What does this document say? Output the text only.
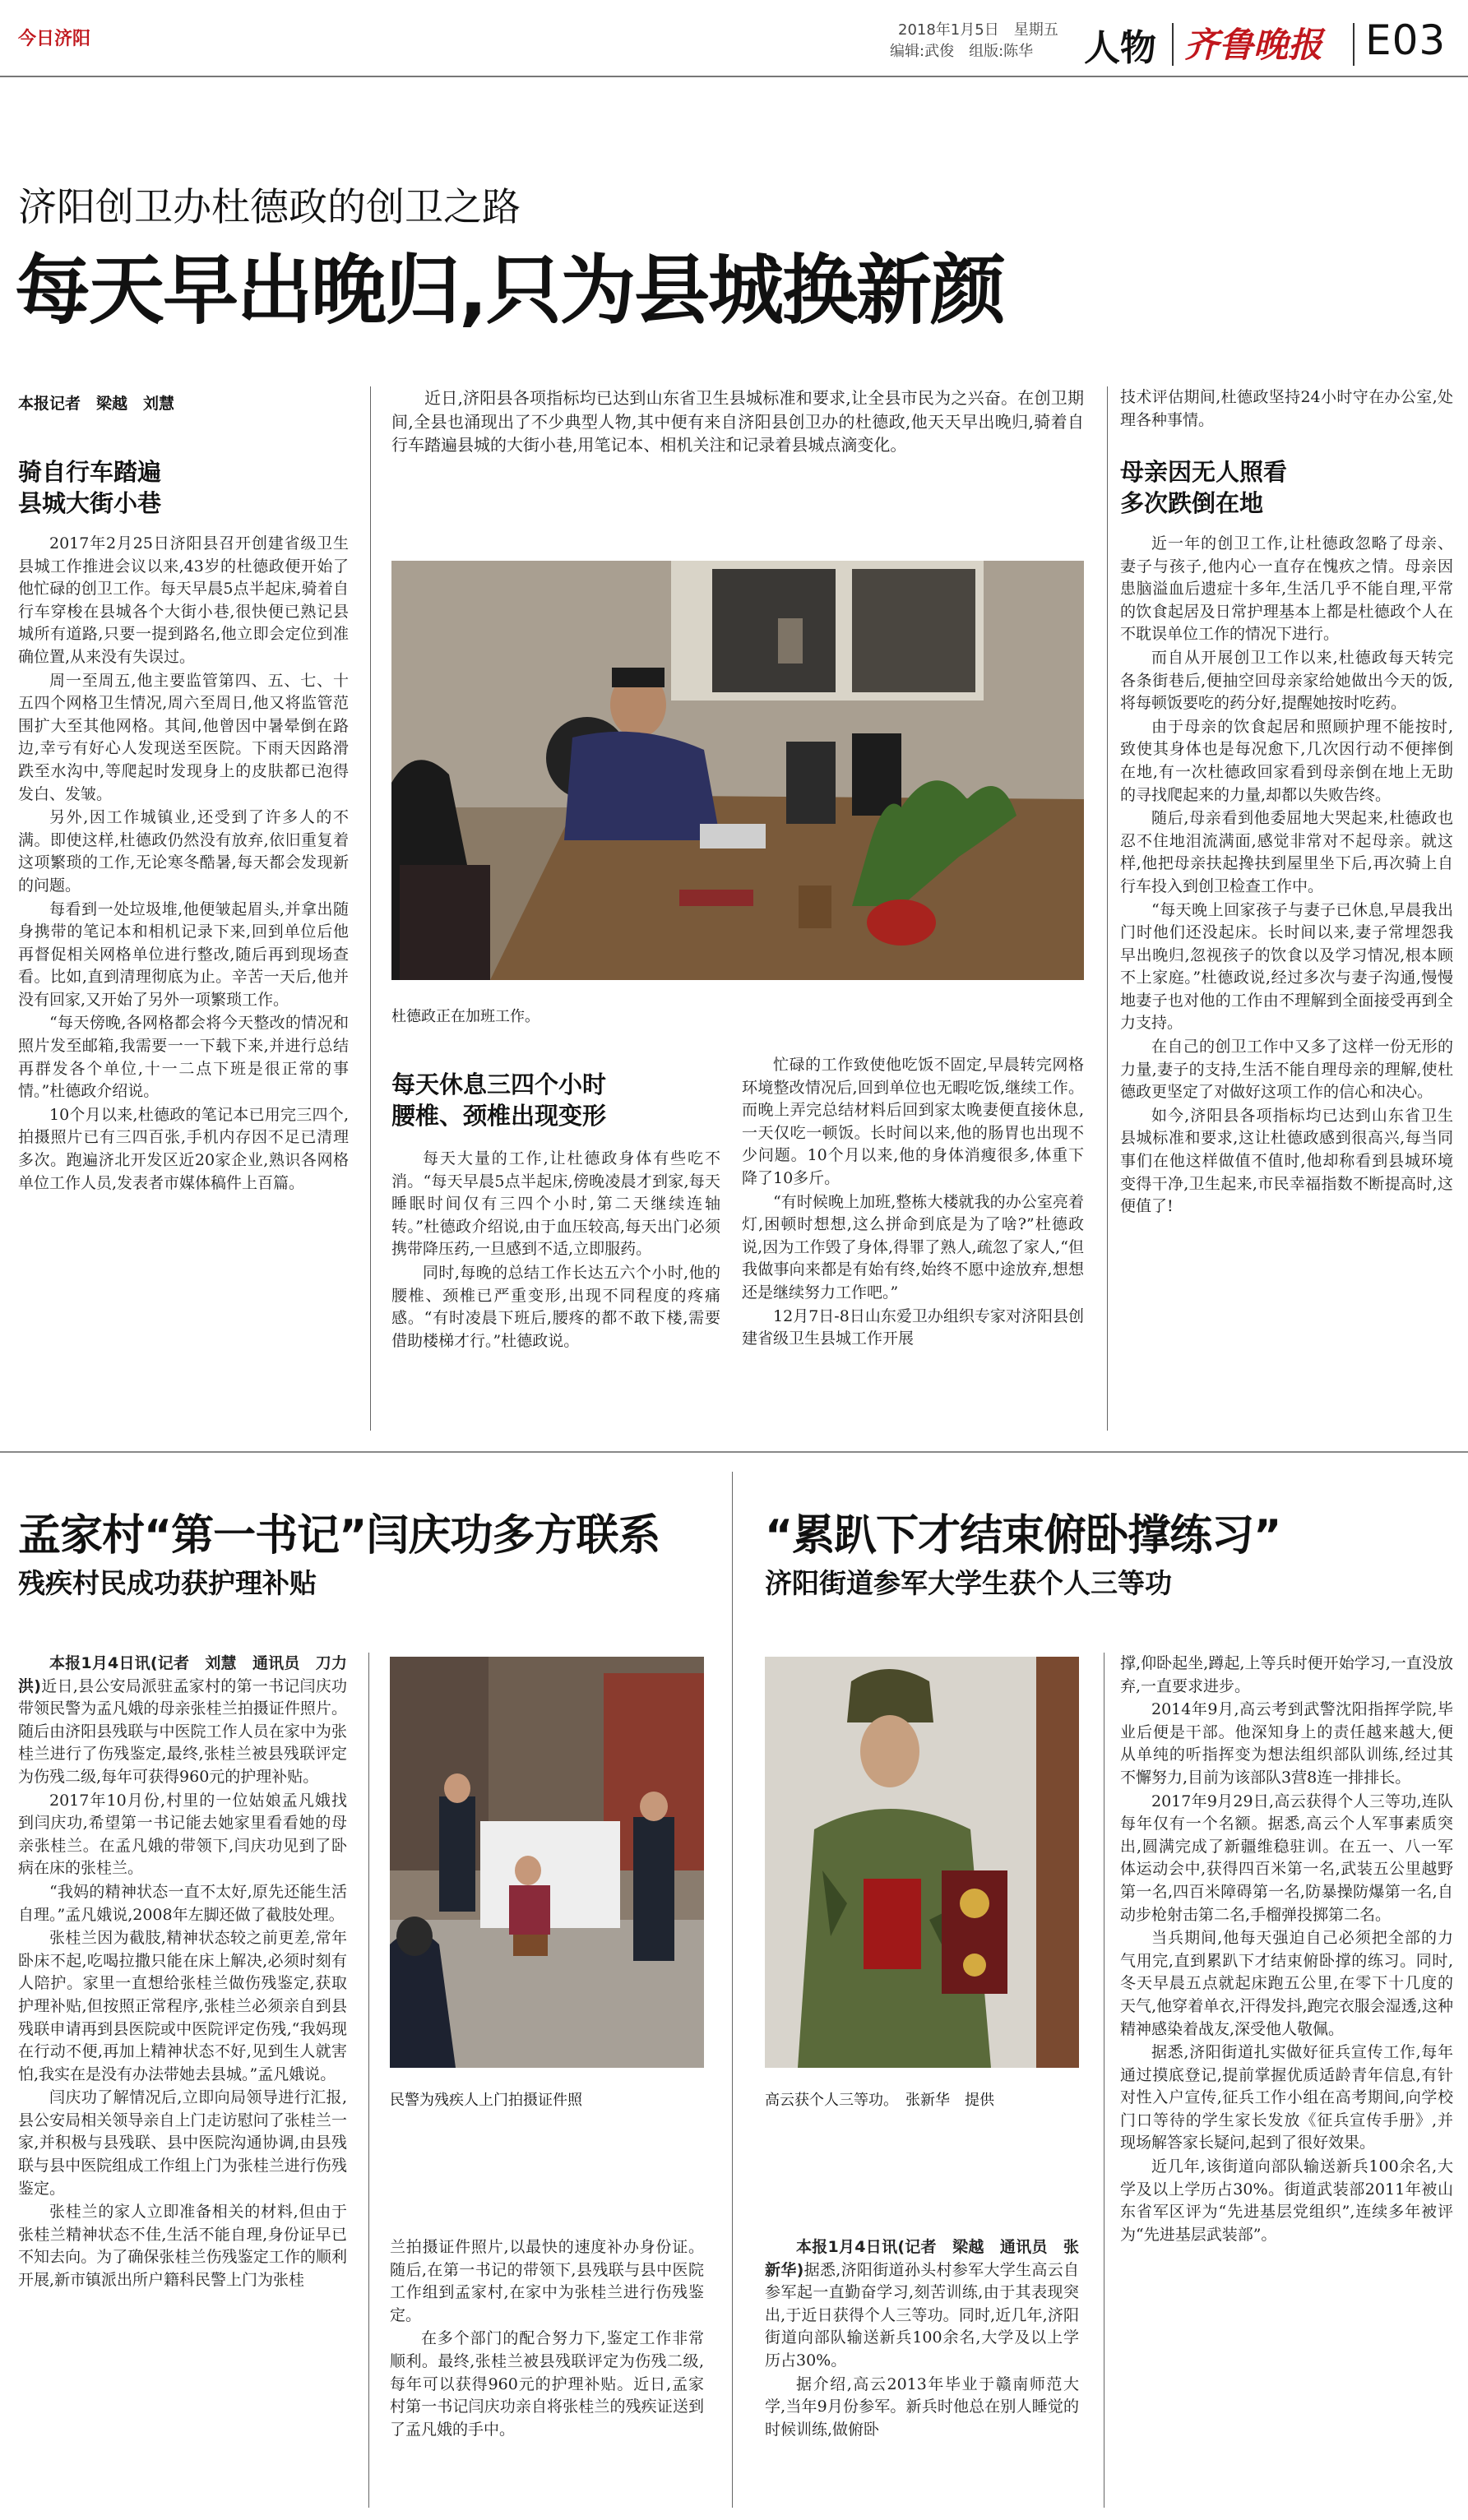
今日济阳	2018年1月5日　星期五
编辑:武俊　组版:陈华 人物 齐鲁晚报 E03
济阳创卫办杜德政的创卫之路
每天早出晚归,只为县城换新颜
本报记者　梁越　刘慧
骑自行车踏遍
县城大街小巷

2017年2月25日济阳县召开创建省级卫生县城工作推进会议以来,43岁的杜德政便开始了他忙碌的创卫工作。每天早晨5点半起床,骑着自行车穿梭在县城各个大街小巷,很快便已熟记县城所有道路,只要一提到路名,他立即会定位到准确位置,从来没有失误过。

周一至周五,他主要监管第四、五、七、十五四个网格卫生情况,周六至周日,他又将监管范围扩大至其他网格。其间,他曾因中暑晕倒在路边,幸亏有好心人发现送至医院。下雨天因路滑跌至水沟中,等爬起时发现身上的皮肤都已泡得发白、发皱。

另外,因工作城镇业,还受到了许多人的不满。即使这样,杜德政仍然没有放弃,依旧重复着这项繁琐的工作,无论寒冬酷暑,每天都会发现新的问题。

每看到一处垃圾堆,他便皱起眉头,并拿出随身携带的笔记本和相机记录下来,回到单位后他再督促相关网格单位进行整改,随后再到现场查看。比如,直到清理彻底为止。辛苦一天后,他并没有回家,又开始了另外一项繁琐工作。

“每天傍晚,各网格都会将今天整改的情况和照片发至邮箱,我需要一一下载下来,并进行总结再群发各个单位,十一二点下班是很正常的事情。”杜德政介绍说。

10个月以来,杜德政的笔记本已用完三四个,拍摄照片已有三四百张,手机内存因不足已清理多次。跑遍济北开发区近20家企业,熟识各网格单位工作人员,发表者市媒体稿件上百篇。

近日,济阳县各项指标均已达到山东省卫生县城标准和要求,让全县市民为之兴奋。在创卫期间,全县也涌现出了不少典型人物,其中便有来自济阳县创卫办的杜德政,他天天早出晚归,骑着自行车踏遍县城的大街小巷,用笔记本、相机关注和记录着县城点滴变化。

杜德政正在加班工作。
每天休息三四个小时
腰椎、颈椎出现变形

每天大量的工作,让杜德政身体有些吃不消。“每天早晨5点半起床,傍晚凌晨才到家,每天睡眠时间仅有三四个小时,第二天继续连轴转。”杜德政介绍说,由于血压较高,每天出门必须携带降压药,一旦感到不适,立即服药。

同时,每晚的总结工作长达五六个小时,他的腰椎、颈椎已严重变形,出现不同程度的疼痛感。“有时凌晨下班后,腰疼的都不敢下楼,需要借助楼梯才行。”杜德政说。

忙碌的工作致使他吃饭不固定,早晨转完网格环境整改情况后,回到单位也无暇吃饭,继续工作。而晚上弄完总结材料后回到家太晚妻便直接休息,一天仅吃一顿饭。长时间以来,他的肠胃也出现不少问题。10个月以来,他的身体消瘦很多,体重下降了10多斤。

“有时候晚上加班,整栋大楼就我的办公室亮着灯,困顿时想想,这么拼命到底是为了啥?”杜德政说,因为工作毁了身体,得罪了熟人,疏忽了家人,“但我做事向来都是有始有终,始终不愿中途放弃,想想还是继续努力工作吧。”

12月7日-8日山东爱卫办组织专家对济阳县创建省级卫生县城工作开展

技术评估期间,杜德政坚持24小时守在办公室,处理各种事情。

母亲因无人照看
多次跌倒在地

近一年的创卫工作,让杜德政忽略了母亲、妻子与孩子,他内心一直存在愧疚之情。母亲因患脑溢血后遗症十多年,生活几乎不能自理,平常的饮食起居及日常护理基本上都是杜德政个人在不耽误单位工作的情况下进行。

而自从开展创卫工作以来,杜德政每天转完各条街巷后,便抽空回母亲家给她做出今天的饭,将每顿饭要吃的药分好,提醒她按时吃药。

由于母亲的饮食起居和照顾护理不能按时,致使其身体也是每况愈下,几次因行动不便摔倒在地,有一次杜德政回家看到母亲倒在地上无助的寻找爬起来的力量,却都以失败告终。

随后,母亲看到他委屈地大哭起来,杜德政也忍不住地泪流满面,感觉非常对不起母亲。就这样,他把母亲扶起搀扶到屋里坐下后,再次骑上自行车投入到创卫检查工作中。

“每天晚上回家孩子与妻子已休息,早晨我出门时他们还没起床。长时间以来,妻子常埋怨我早出晚归,忽视孩子的饮食以及学习情况,根本顾不上家庭。”杜德政说,经过多次与妻子沟通,慢慢地妻子也对他的工作由不理解到全面接受再到全力支持。

在自己的创卫工作中又多了这样一份无形的力量,妻子的支持,生活不能自理母亲的理解,使杜德政更坚定了对做好这项工作的信心和决心。

如今,济阳县各项指标均已达到山东省卫生县城标准和要求,这让杜德政感到很高兴,每当同事们在他这样做值不值时,他却称看到县城环境变得干净,卫生起来,市民幸福指数不断提高时,这便值了!

孟家村“第一书记”闫庆功多方联系
残疾村民成功获护理补贴

本报1月4日讯(记者　刘慧　通讯员　刀力洪)近日,县公安局派驻孟家村的第一书记闫庆功带领民警为孟凡娥的母亲张桂兰拍摄证件照片。随后由济阳县残联与中医院工作人员在家中为张桂兰进行了伤残鉴定,最终,张桂兰被县残联评定为伤残二级,每年可获得960元的护理补贴。

2017年10月份,村里的一位姑娘孟凡娥找到闫庆功,希望第一书记能去她家里看看她的母亲张桂兰。在孟凡娥的带领下,闫庆功见到了卧病在床的张桂兰。

“我妈的精神状态一直不太好,原先还能生活自理。”孟凡娥说,2008年左脚还做了截肢处理。

张桂兰因为截肢,精神状态较之前更差,常年卧床不起,吃喝拉撒只能在床上解决,必须时刻有人陪护。家里一直想给张桂兰做伤残鉴定,获取护理补贴,但按照正常程序,张桂兰必须亲自到县残联申请再到县医院或中医院评定伤残,“我妈现在行动不便,再加上精神状态不好,见到生人就害怕,我实在是没有办法带她去县城。”孟凡娥说。

闫庆功了解情况后,立即向局领导进行汇报,县公安局相关领导亲自上门走访慰问了张桂兰一家,并积极与县残联、县中医院沟通协调,由县残联与县中医院组成工作组上门为张桂兰进行伤残鉴定。

张桂兰的家人立即准备相关的材料,但由于张桂兰精神状态不佳,生活不能自理,身份证早已不知去向。为了确保张桂兰伤残鉴定工作的顺利开展,新市镇派出所户籍科民警上门为张桂

民警为残疾人上门拍摄证件照

兰拍摄证件照片,以最快的速度补办身份证。随后,在第一书记的带领下,县残联与县中医院工作组到孟家村,在家中为张桂兰进行伤残鉴定。

在多个部门的配合努力下,鉴定工作非常顺利。最终,张桂兰被县残联评定为伤残二级,每年可以获得960元的护理补贴。近日,孟家村第一书记闫庆功亲自将张桂兰的残疾证送到了孟凡娥的手中。

“累趴下才结束俯卧撑练习”
济阳街道参军大学生获个人三等功
高云获个人三等功。　张新华　提供

本报1月4日讯(记者　梁越　通讯员　张新华)据悉,济阳街道孙头村参军大学生高云自参军起一直勤奋学习,刻苦训练,由于其表现突出,于近日获得个人三等功。同时,近几年,济阳街道向部队输送新兵100余名,大学及以上学历占30%。

据介绍,高云2013年毕业于赣南师范大学,当年9月份参军。新兵时他总在别人睡觉的时候训练,做俯卧

撑,仰卧起坐,蹲起,上等兵时便开始学习,一直没放弃,一直要求进步。

2014年9月,高云考到武警沈阳指挥学院,毕业后便是干部。他深知身上的责任越来越大,便从单纯的听指挥变为想法组织部队训练,经过其不懈努力,目前为该部队3营8连一排排长。

2017年9月29日,高云获得个人三等功,连队每年仅有一个名额。据悉,高云个人军事素质突出,圆满完成了新疆维稳驻训。在五一、八一军体运动会中,获得四百米第一名,武装五公里越野第一名,四百米障碍第一名,防暴操防爆第一名,自动步枪射击第二名,手榴弹投掷第二名。

当兵期间,他每天强迫自己必须把全部的力气用完,直到累趴下才结束俯卧撑的练习。同时,冬天早晨五点就起床跑五公里,在零下十几度的天气,他穿着单衣,汗得发抖,跑完衣服会湿透,这种精神感染着战友,深受他人敬佩。

据悉,济阳街道扎实做好征兵宣传工作,每年通过摸底登记,提前掌握优质适龄青年信息,有针对性入户宣传,征兵工作小组在高考期间,向学校门口等待的学生家长发放《征兵宣传手册》,并现场解答家长疑问,起到了很好效果。

近几年,该街道向部队输送新兵100余名,大学及以上学历占30%。街道武装部2011年被山东省军区评为“先进基层党组织”,连续多年被评为“先进基层武装部”。
